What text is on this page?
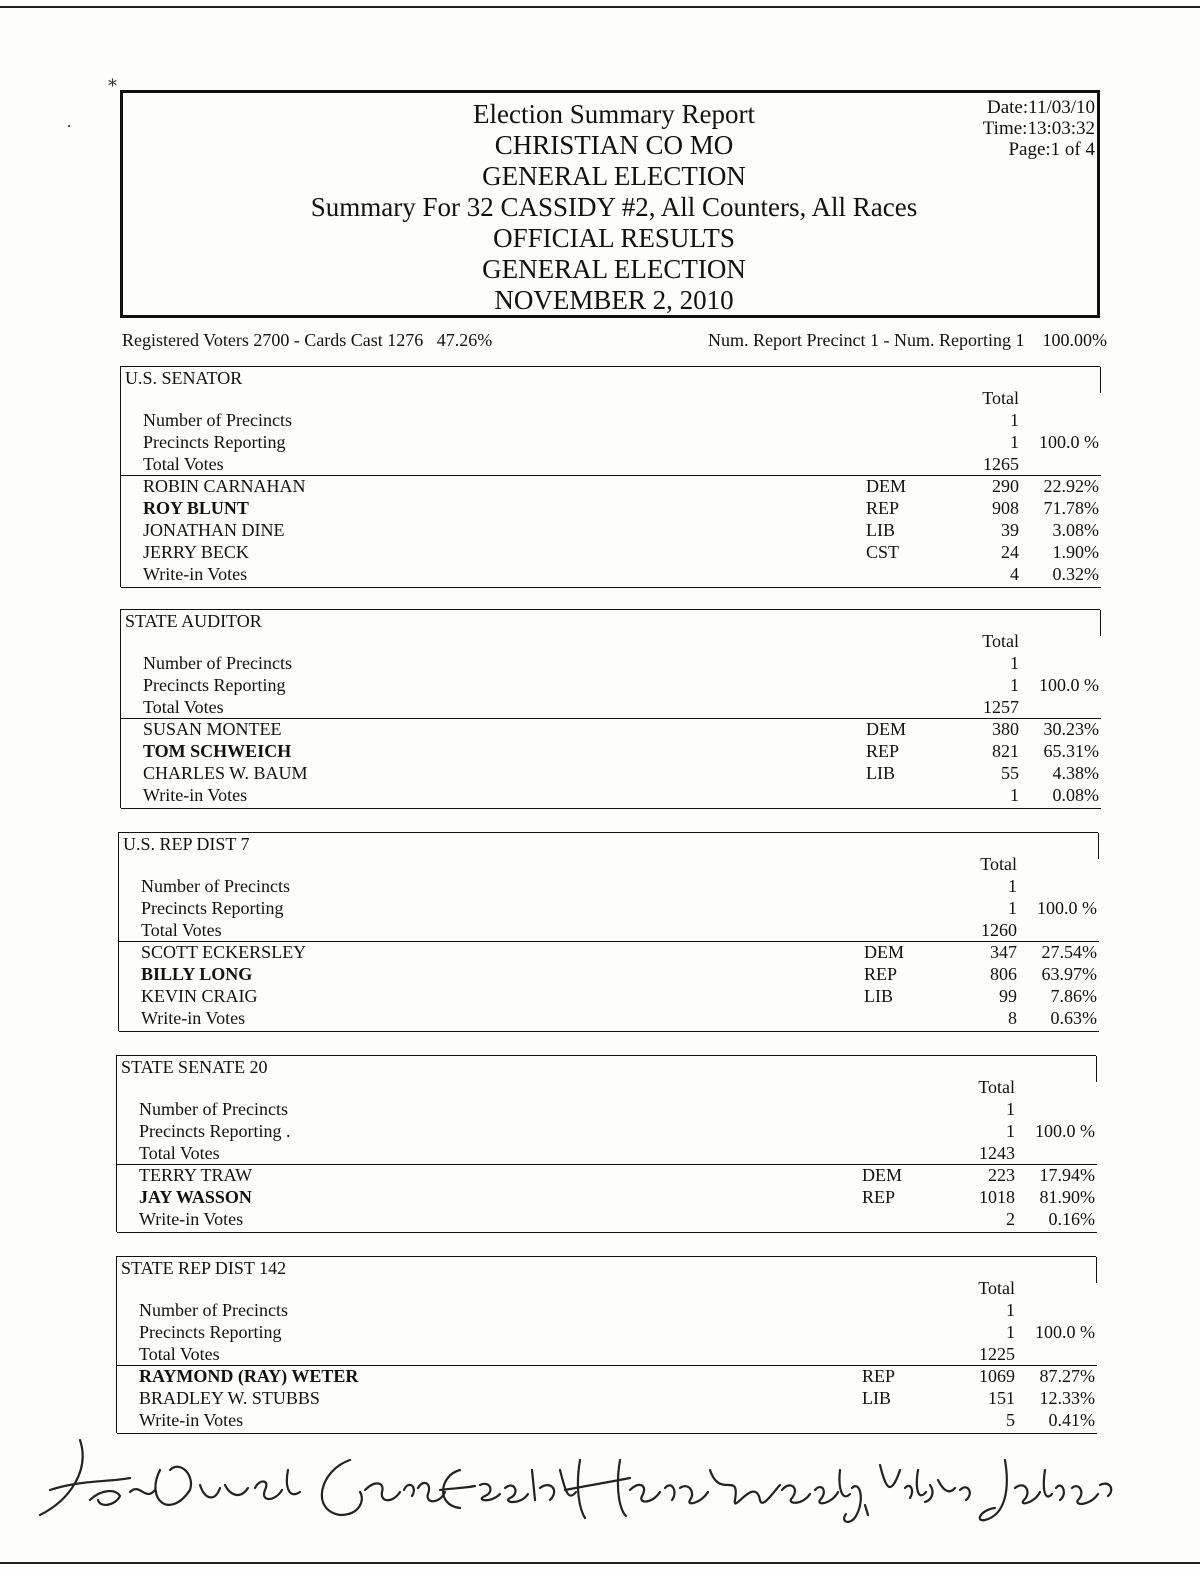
⁎
·	Election Summary Report
CHRISTIAN CO MO
GENERAL ELECTION
Summary For 32 CASSIDY #2, All Counters, All Races
OFFICIAL RESULTS
GENERAL ELECTION
NOVEMBER 2, 2010
Date:11/03/10
Time:13:03:32
Page:1 of 4
Registered Voters 2700 - Cards Cast 1276   47.26%	Num. Report Precinct 1 - Num. Reporting 1    100.00%
U.S. SENATOR
Total
Number of Precincts	1
Precincts Reporting	1	100.0 %
Total Votes	1265
ROBIN CARNAHAN	DEM	290	22.92%
ROY BLUNT	REP	908	71.78%
JONATHAN DINE	LIB	39	3.08%
JERRY BECK	CST	24	1.90%
Write-in Votes	4	0.32%
STATE AUDITOR
Total
Number of Precincts	1
Precincts Reporting	1	100.0 %
Total Votes	1257
SUSAN MONTEE	DEM	380	30.23%
TOM SCHWEICH	REP	821	65.31%
CHARLES W. BAUM	LIB	55	4.38%
Write-in Votes	1	0.08%
U.S. REP DIST 7
Total
Number of Precincts	1
Precincts Reporting	1	100.0 %
Total Votes	1260
SCOTT ECKERSLEY	DEM	347	27.54%
BILLY LONG	REP	806	63.97%
KEVIN CRAIG	LIB	99	7.86%
Write-in Votes	8	0.63%
STATE SENATE 20
Total
Number of Precincts	1
Precincts Reporting .	1	100.0 %
Total Votes	1243
TERRY TRAW	DEM	223	17.94%
JAY WASSON	REP	1018	81.90%
Write-in Votes	2	0.16%
STATE REP DIST 142
Total
Number of Precincts	1
Precincts Reporting	1	100.0 %
Total Votes	1225
RAYMOND (RAY) WETER	REP	1069	87.27%
BRADLEY W. STUBBS	LIB	151	12.33%
Write-in Votes	5	0.41%
